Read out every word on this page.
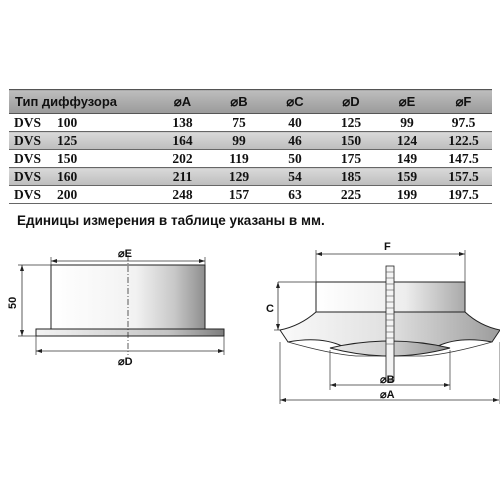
Тип диффузора	⌀A	⌀B	⌀C	⌀D	⌀E	⌀F
DVS 100	138	75	40	125	99	97.5
DVS 125	164	99	46	150	124	122.5
DVS 150	202	119	50	175	149	147.5
DVS 160	211	129	54	185	159	157.5
DVS 200	248	157	63	225	199	197.5
Единицы измерения в таблице указаны в мм.
⌀E
⌀D
50
F
C
⌀B
⌀A
